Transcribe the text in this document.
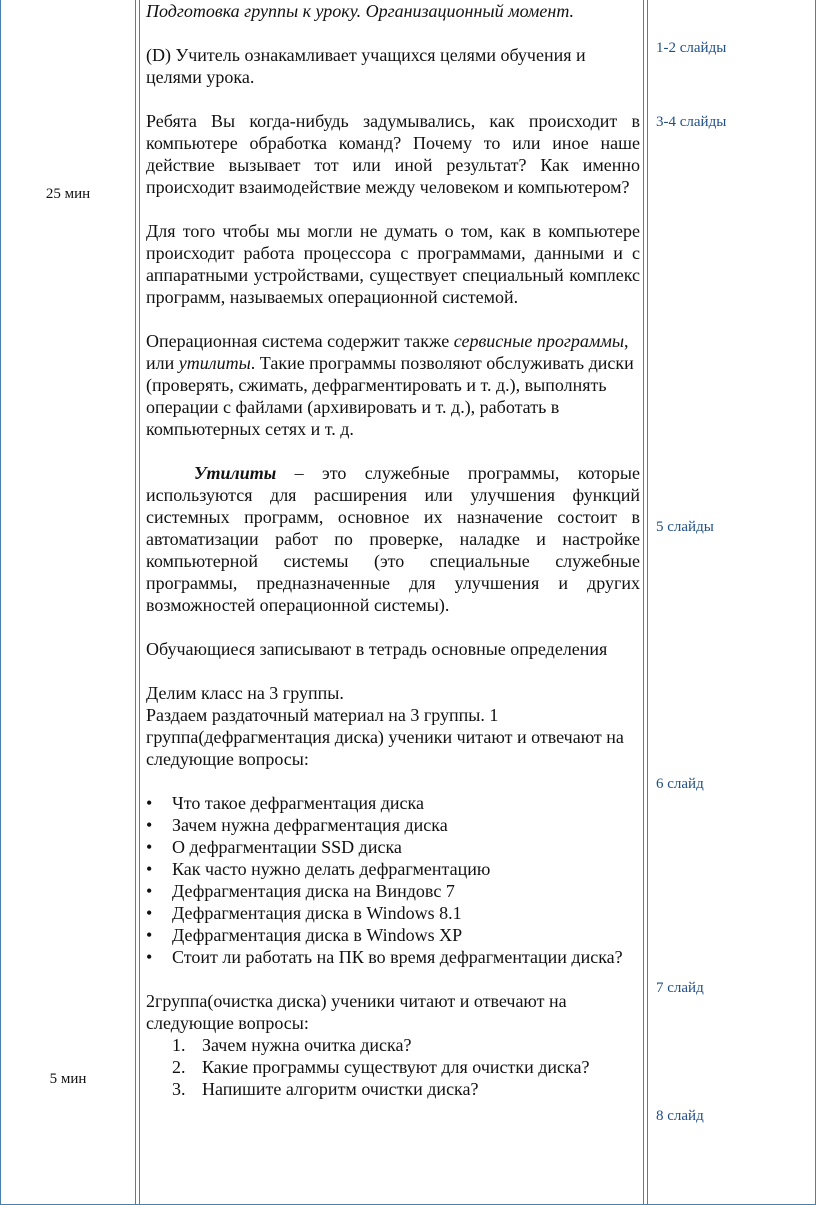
25 мин
5 мин
1-2 слайды
3-4 слайды
5 слайды
6 слайд
7 слайд
8 слайд

Подготовка группы к уроку. Организационный момент.

(D) Учитель ознакамливает учащихся целями обучения и целями урока.

Ребята Вы когда-нибудь задумывались, как происходит в компьютере обработка команд? Почему то или иное наше действие вызывает тот или иной результат? Как именно происходит взаимодействие между человеком и компьютером?

Для того чтобы мы могли не думать о том, как в компьютере происходит работа процессора с программами, данными и с аппаратными устройствами, существует специальный комплекс программ, называемых операционной системой.

Операционная система содержит также сервисные программы, или утилиты. Такие программы позволяют обслуживать диски (проверять, сжимать, дефрагментировать и т. д.), выполнять операции с файлами (архивировать и т. д.), работать в компьютерных сетях и т. д.

Утилиты – это служебные программы, которые используются для расширения или улучшения функций системных программ, основное их назначение состоит в автоматизации работ по проверке, наладке и настройке компьютерной системы (это специальные служебные программы, предназначенные для улучшения и других возможностей операционной системы).

Обучающиеся записывают в тетрадь основные определения

Делим класс на 3 группы.

Раздаем раздаточный материал на 3 группы. 1 группа(дефрагментация диска) ученики читают и отвечают на следующие вопросы:

• Что такое дефрагментация диска
• Зачем нужна дефрагментация диска
• О дефрагментации SSD диска
• Как часто нужно делать дефрагментацию
• Дефрагментация диска на Виндовс 7
• Дефрагментация диска в Windows 8.1
• Дефрагментация диска в Windows XP
• Стоит ли работать на ПК во время дефрагментации диска?

2группа(очистка диска) ученики читают и отвечают на следующие вопросы:

1. Зачем нужна очитка диска?
2. Какие программы существуют для очистки диска?
3. Напишите алгоритм очистки диска?
